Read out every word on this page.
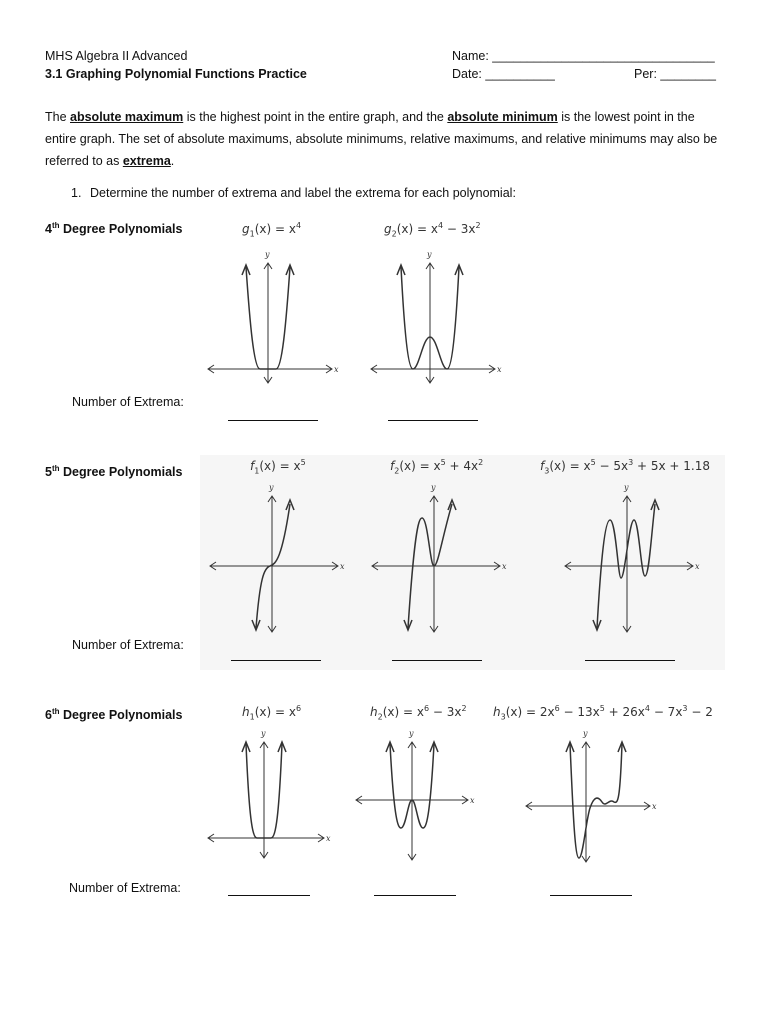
MHS Algebra II Advanced
3.1 Graphing Polynomial Functions Practice
Name: ________________________________
Date: __________	Per: ________
The absolute maximum is the highest point in the entire graph, and the absolute minimum is the lowest point in the entire graph. The set of absolute maximums, absolute minimums, relative maximums, and relative minimums may also be referred to as extrema.
1. Determine the number of extrema and label the extrema for each polynomial:
4th Degree Polynomials	$g_1(x) = x^4$	$g_2(x) = x^4 - 3x^2$
x
y
x
y
Number of Extrema:
5th Degree Polynomials	$f_1(x) = x^5$	$f_2(x) = x^5 + 4x^2$	$f_3(x) = x^5 - 5x^3 + 5x + 1.18$
x
y
x
y
x
y
Number of Extrema:
6th Degree Polynomials	$h_1(x) = x^6$	$h_2(x) = x^6 - 3x^2$ $h_3(x) = 2x^6 - 13x^5 + 26x^4 - 7x^3 - 2$
x
y
x
y
x
y
Number of Extrema:
